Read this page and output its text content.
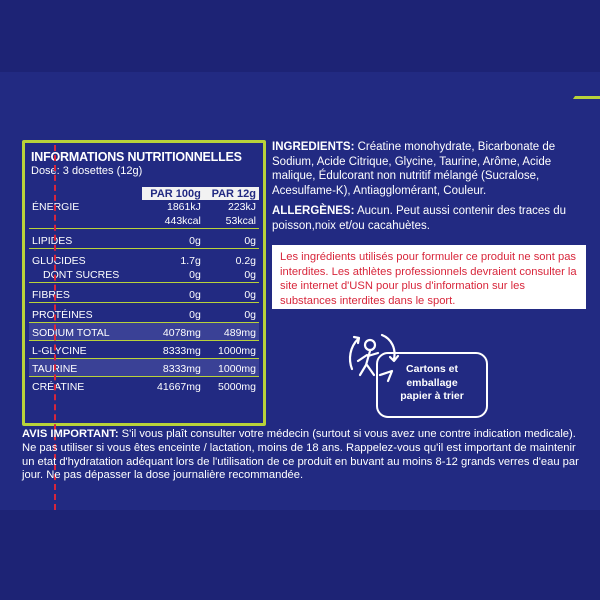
INFORMATIONS NUTRITIONNELLES
Dose: 3 dosettes (12g)
	PAR 100g	PAR 12g
ÉNERGIE	1861kJ	223kJ
	443kcal	53kcal
LIPIDES	0g	0g
GLUCIDES	1.7g	0.2g
DONT SUCRES	0g	0g
FIBRES	0g	0g
PROTÉINES	0g	0g
SODIUM TOTAL	4078mg	489mg
L-GLYCINE	8333mg	1000mg
TAURINE	8333mg	1000mg
CRÉATINE	41667mg	5000mg
INGREDIENTS: Créatine monohydrate, Bicarbonate de Sodium, Acide Citrique, Glycine, Taurine, Arôme, Acide malique, Édulcorant non nutritif mélangé (Sucralose, Acesulfame-K), Antiagglomérant, Couleur.
ALLERGÈNES: Aucun. Peut aussi contenir des traces du poisson,noix et/ou cacahuètes.
Les ingrédients utilisés pour formuler ce produit ne sont pas interdites. Les athlètes professionnels devraient consulter la site internet d'USN pour plus d'information sur les substances interdites dans le sport.
Cartons et
emballage
papier à trier
AVIS IMPORTANT: S'il vous plaît consulter votre médecin (surtout si vous avez une contre indication medicale). Ne pas utiliser si vous êtes enceinte / lactation, moins de 18 ans. Rappelez-vous qu'il est important de maintenir un etat d'hydratation adéquant lors de l'utilisation de ce produit en buvant au moins 8-12 grands verres d'eau par jour. Ne pas dépasser la dose journalière recommandée.
